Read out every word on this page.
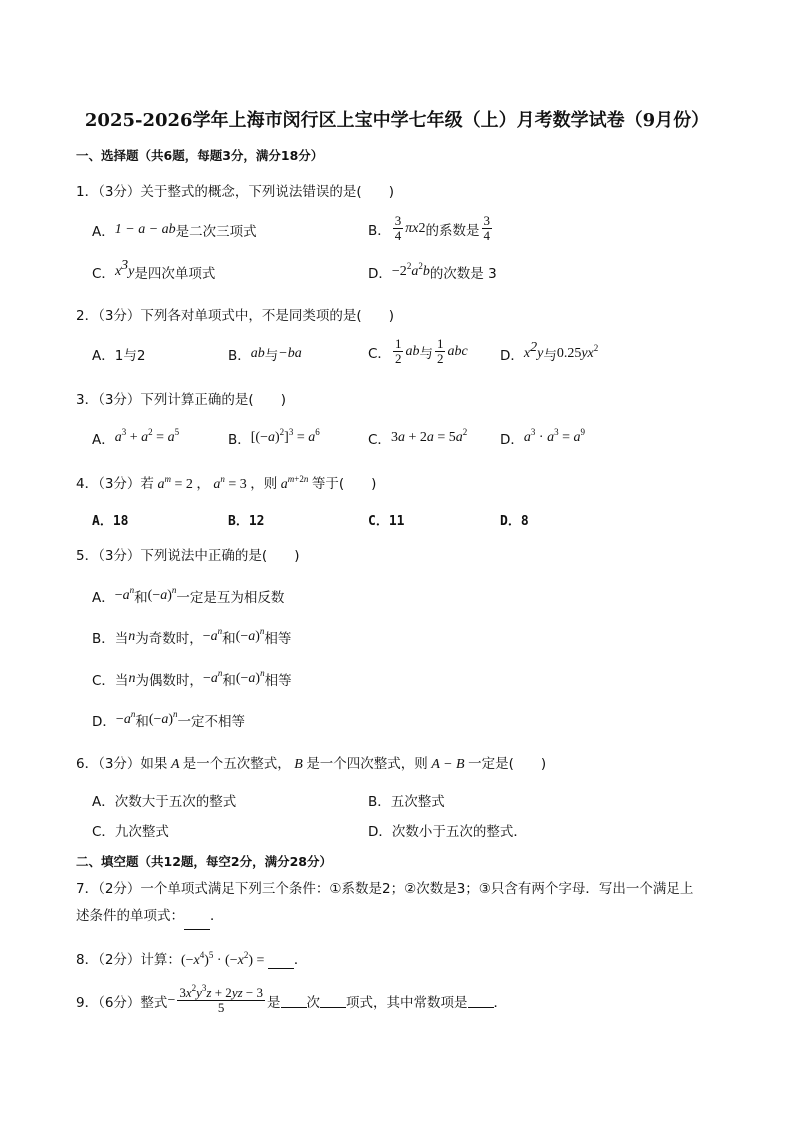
2025-2026学年上海市闵行区上宝中学七年级（上）月考数学试卷（9月份）
一、选择题（共6题，每题3分，满分18分）
1．（3分）关于整式的概念，下列说法错误的是(　　)
A． 1 − a − ab 是二次三项式	B． $\frac{3}{4}$ πx 2 的系数是 $\frac{3}{4}$
C． $x^3y$ 是四次单项式	D． $-2^2a^2b$ 的次数是 3
2．（3分）下列各对单项式中，不是同类项的是(　　)
A．1与2	B． ab 与 −ba	C． $\frac{1}{2}$ ab 与 $\frac{1}{2}$ abc D． $x^2y$ 与 $0.25yx^2$
3．（3分）下列计算正确的是(　　)
A． $a^3 + a^2 = a^5$	B． $[(-a)^2]^3 = a^6$	C． $3a + 2a = 5a^2$ D． $a^3 \cdot a^3 = a^9$
4．（3分）若 $a^m = 2$ ， $a^n = 3$ ，则 $a^{m+2n}$ 等于(　　)
A．18	B．12	C．11	D．8
5．（3分）下列说法中正确的是(　　)
A． $-a^n$ 和 $(-a)^n$ 一定是互为相反数
B．当 n 为奇数时， $-a^n$ 和 $(-a)^n$ 相等
C．当 n 为偶数时， $-a^n$ 和 $(-a)^n$ 相等
D． $-a^n$ 和 $(-a)^n$ 一定不相等
6．（3分）如果 A 是一个五次整式， B 是一个四次整式，则 A − B 一定是(　　)
A．次数大于五次的整式	B．五次整式
C．九次整式	D．次数小于五次的整式．
二、填空题（共12题，每空2分，满分28分）
7．（2分）一个单项式满足下列三个条件：①系数是2；②次数是3；③只含有两个字母．写出一个满足上
述条件的单项式： ．
8．（2分）计算：$(-x^4)^5 \cdot (-x^2)$ = ．
9．（6分）整式 − $\frac{3x^2y^3z + 2yz - 3}{5}$ 是 次 项式，其中常数项是 ．
